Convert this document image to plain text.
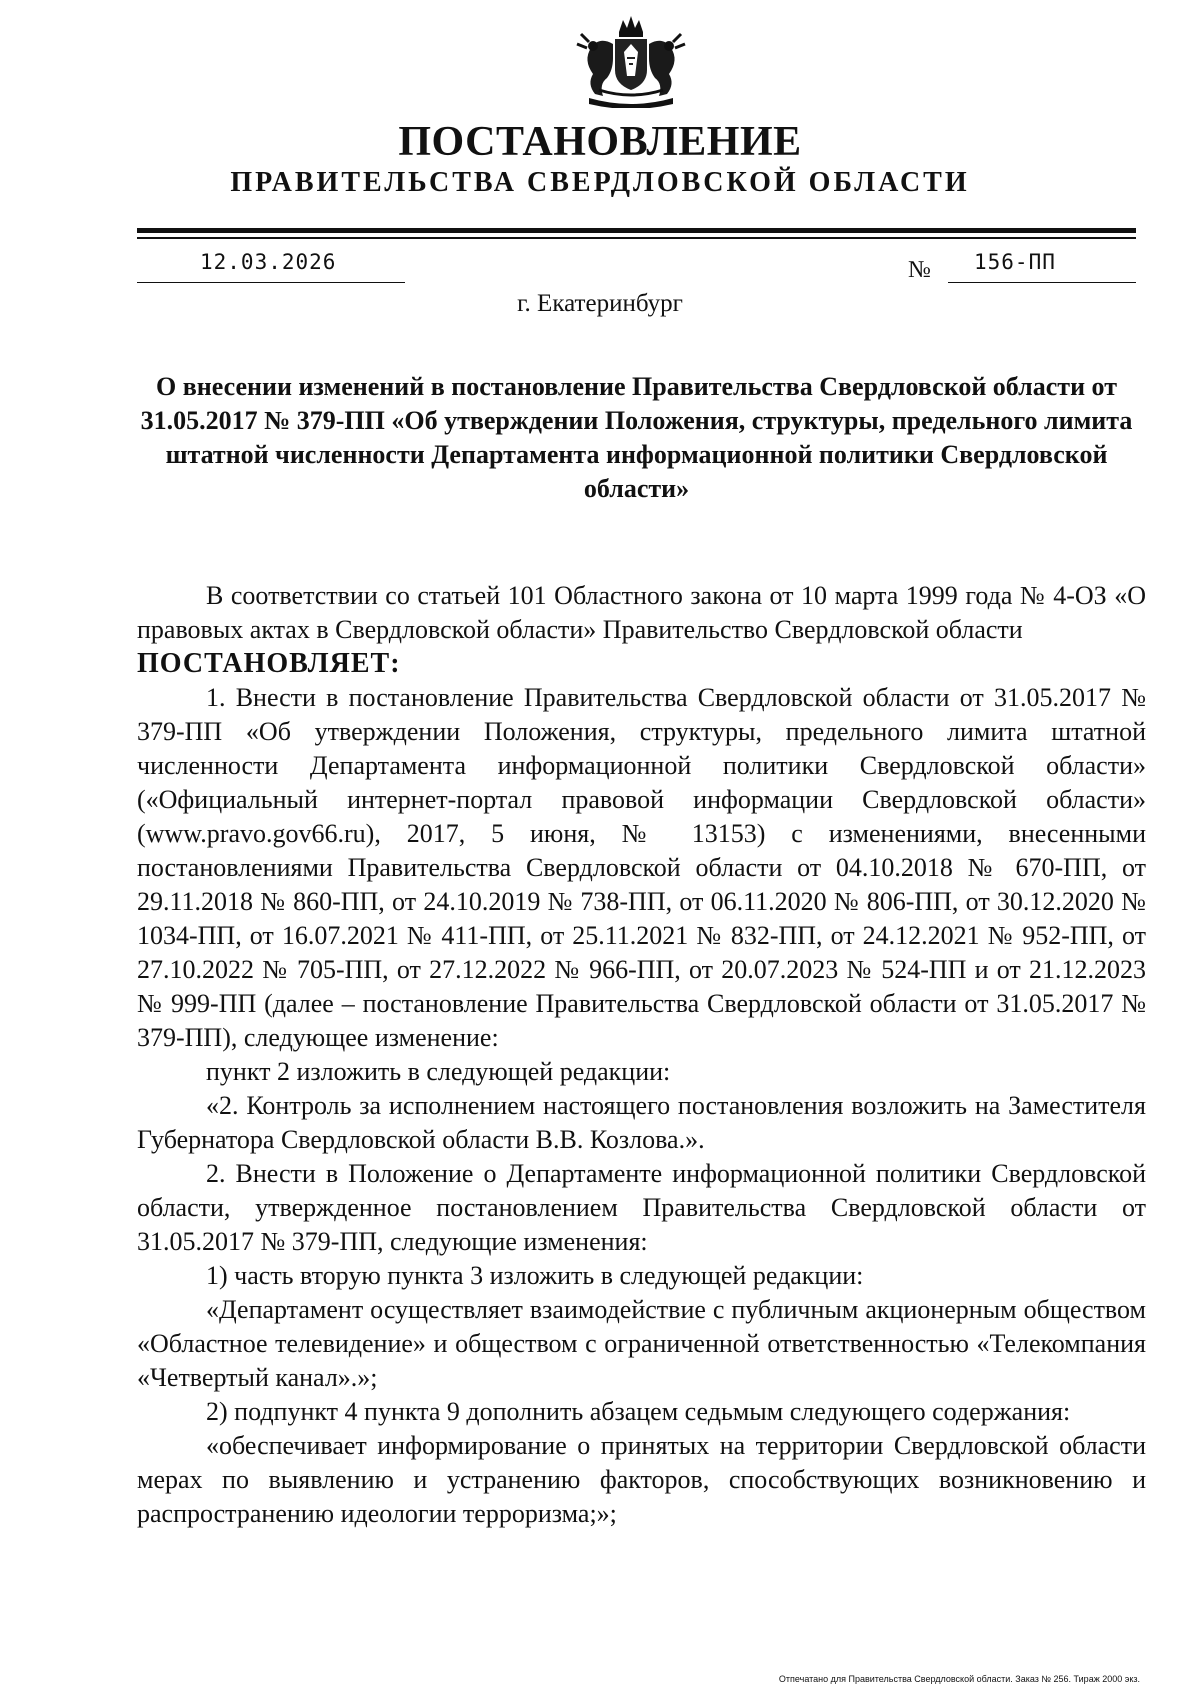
ПОСТАНОВЛЕНИЕ
ПРАВИТЕЛЬСТВА СВЕРДЛОВСКОЙ ОБЛАСТИ
12.03.2026	№ 156-ПП
г. Екатеринбург
О внесении изменений в постановление Правительства Свердловской области от 31.05.2017 № 379-ПП «Об утверждении Положения, структуры, предельного лимита штатной численности Департамента информационной политики Свердловской области»

В соответствии со статьей 101 Областного закона от 10 марта 1999 года № 4-ОЗ «О правовых актах в Свердловской области» Правительство Свердловской области

ПОСТАНОВЛЯЕТ:

1. Внести в постановление Правительства Свердловской области от 31.05.2017 № 379-ПП «Об утверждении Положения, структуры, предельного лимита штатной численности Департамента информационной политики Свердловской области» («Официальный интернет-портал правовой информации Свердловской области» (www.pravo.gov66.ru), 2017, 5 июня, № 13153) с изменениями, внесенными постановлениями Правительства Свердловской области от 04.10.2018 № 670-ПП, от 29.11.2018 № 860-ПП, от 24.10.2019 № 738-ПП, от 06.11.2020 № 806-ПП, от 30.12.2020 № 1034-ПП, от 16.07.2021 № 411-ПП, от 25.11.2021 № 832-ПП, от 24.12.2021 № 952-ПП, от 27.10.2022 № 705-ПП, от 27.12.2022 № 966-ПП, от 20.07.2023 № 524-ПП и от 21.12.2023 № 999-ПП (далее – постановление Правительства Свердловской области от 31.05.2017 № 379-ПП), следующее изменение:

пункт 2 изложить в следующей редакции:

«2. Контроль за исполнением настоящего постановления возложить на Заместителя Губернатора Свердловской области В.В. Козлова.».

2. Внести в Положение о Департаменте информационной политики Свердловской области, утвержденное постановлением Правительства Свердловской области от 31.05.2017 № 379-ПП, следующие изменения:

1) часть вторую пункта 3 изложить в следующей редакции:

«Департамент осуществляет взаимодействие с публичным акционерным обществом «Областное телевидение» и обществом с ограниченной ответственностью «Телекомпания «Четвертый канал».»;

2) подпункт 4 пункта 9 дополнить абзацем седьмым следующего содержания:

«обеспечивает информирование о принятых на территории Свердловской области мерах по выявлению и устранению факторов, способствующих возникновению и распространению идеологии терроризма;»;

Отпечатано для Правительства Свердловской области. Заказ № 256. Тираж 2000 экз.
